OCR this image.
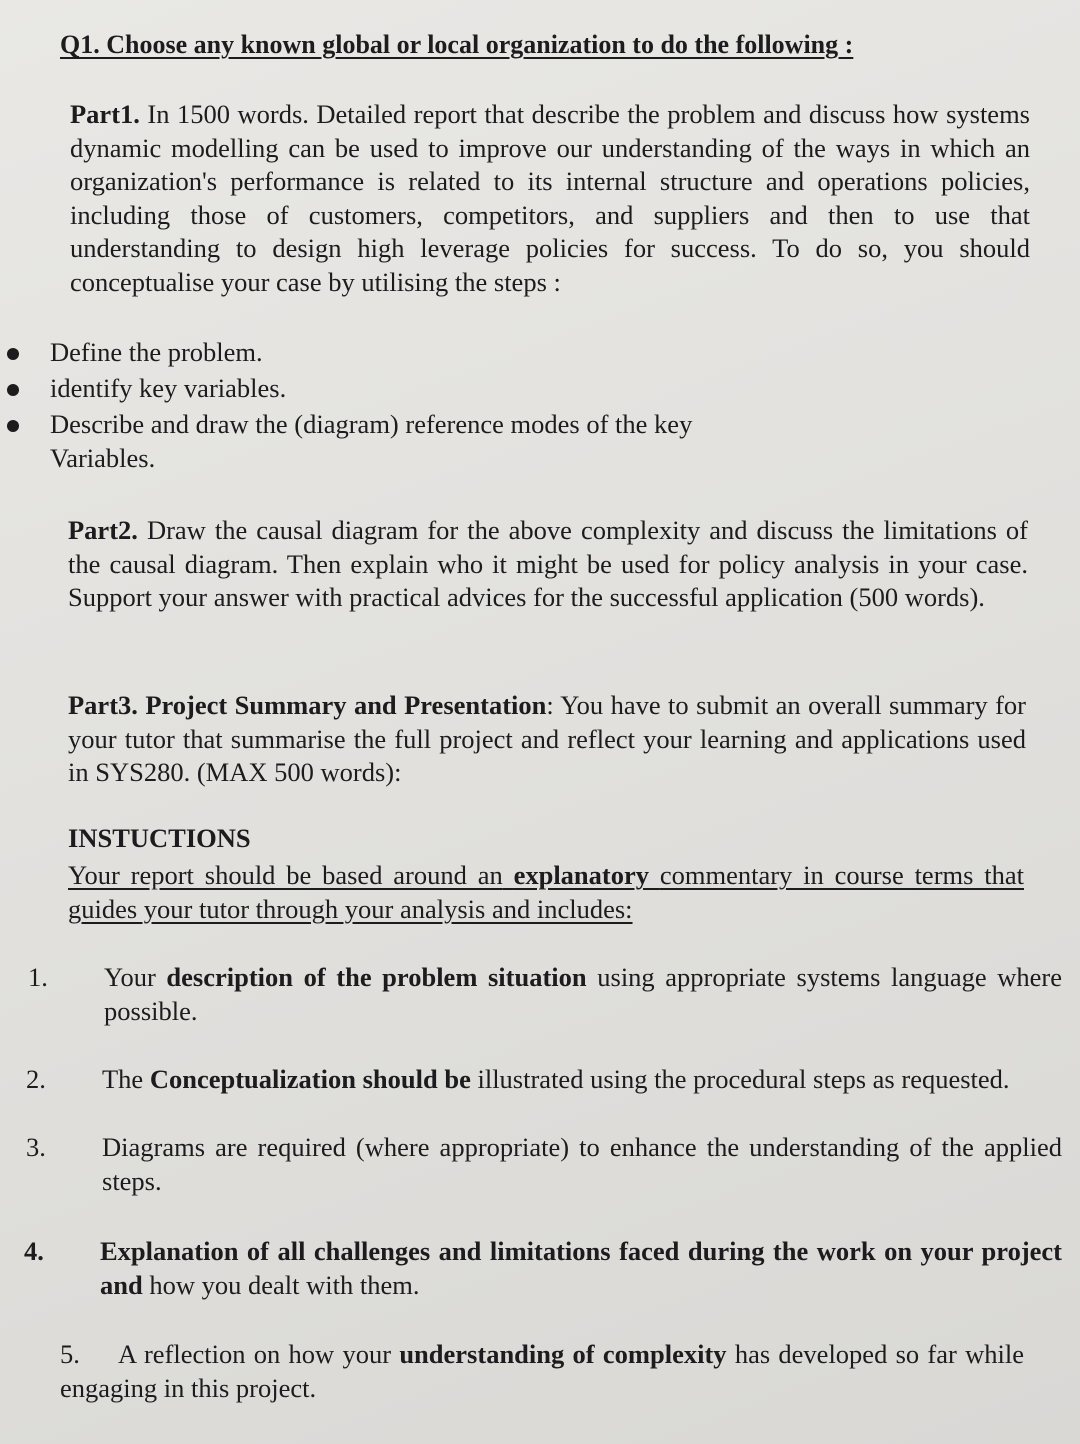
Q1. Choose any known global or local organization to do the following :

Part1. In 1500 words. Detailed report that describe the problem and discuss how systems dynamic modelling can be used to improve our understanding of the ways in which an organization's performance is related to its internal structure and operations policies, including those of customers, competitors, and suppliers and then to use that understanding to design high leverage policies for success. To do so, you should conceptualise your case by utilising the steps :

Define the problem.
identify key variables.
Describe and draw the (diagram) reference modes of the key Variables.

Part2. Draw the causal diagram for the above complexity and discuss the limitations of the causal diagram. Then explain who it might be used for policy analysis in your case. Support your answer with practical advices for the successful application (500 words).

Part3. Project Summary and Presentation: You have to submit an overall summary for your tutor that summarise the full project and reflect your learning and applications used in SYS280. (MAX 500 words):

INSTUCTIONS

Your report should be based around an explanatory commentary in course terms that guides your tutor through your analysis and includes:

1. Your description of the problem situation using appropriate systems language where possible.

2. The Conceptualization should be illustrated using the procedural steps as requested.

3. Diagrams are required (where appropriate) to enhance the understanding of the applied steps.

4. Explanation of all challenges and limitations faced during the work on your project and how you dealt with them.

5. A reflection on how your understanding of complexity has developed so far while engaging in this project.
